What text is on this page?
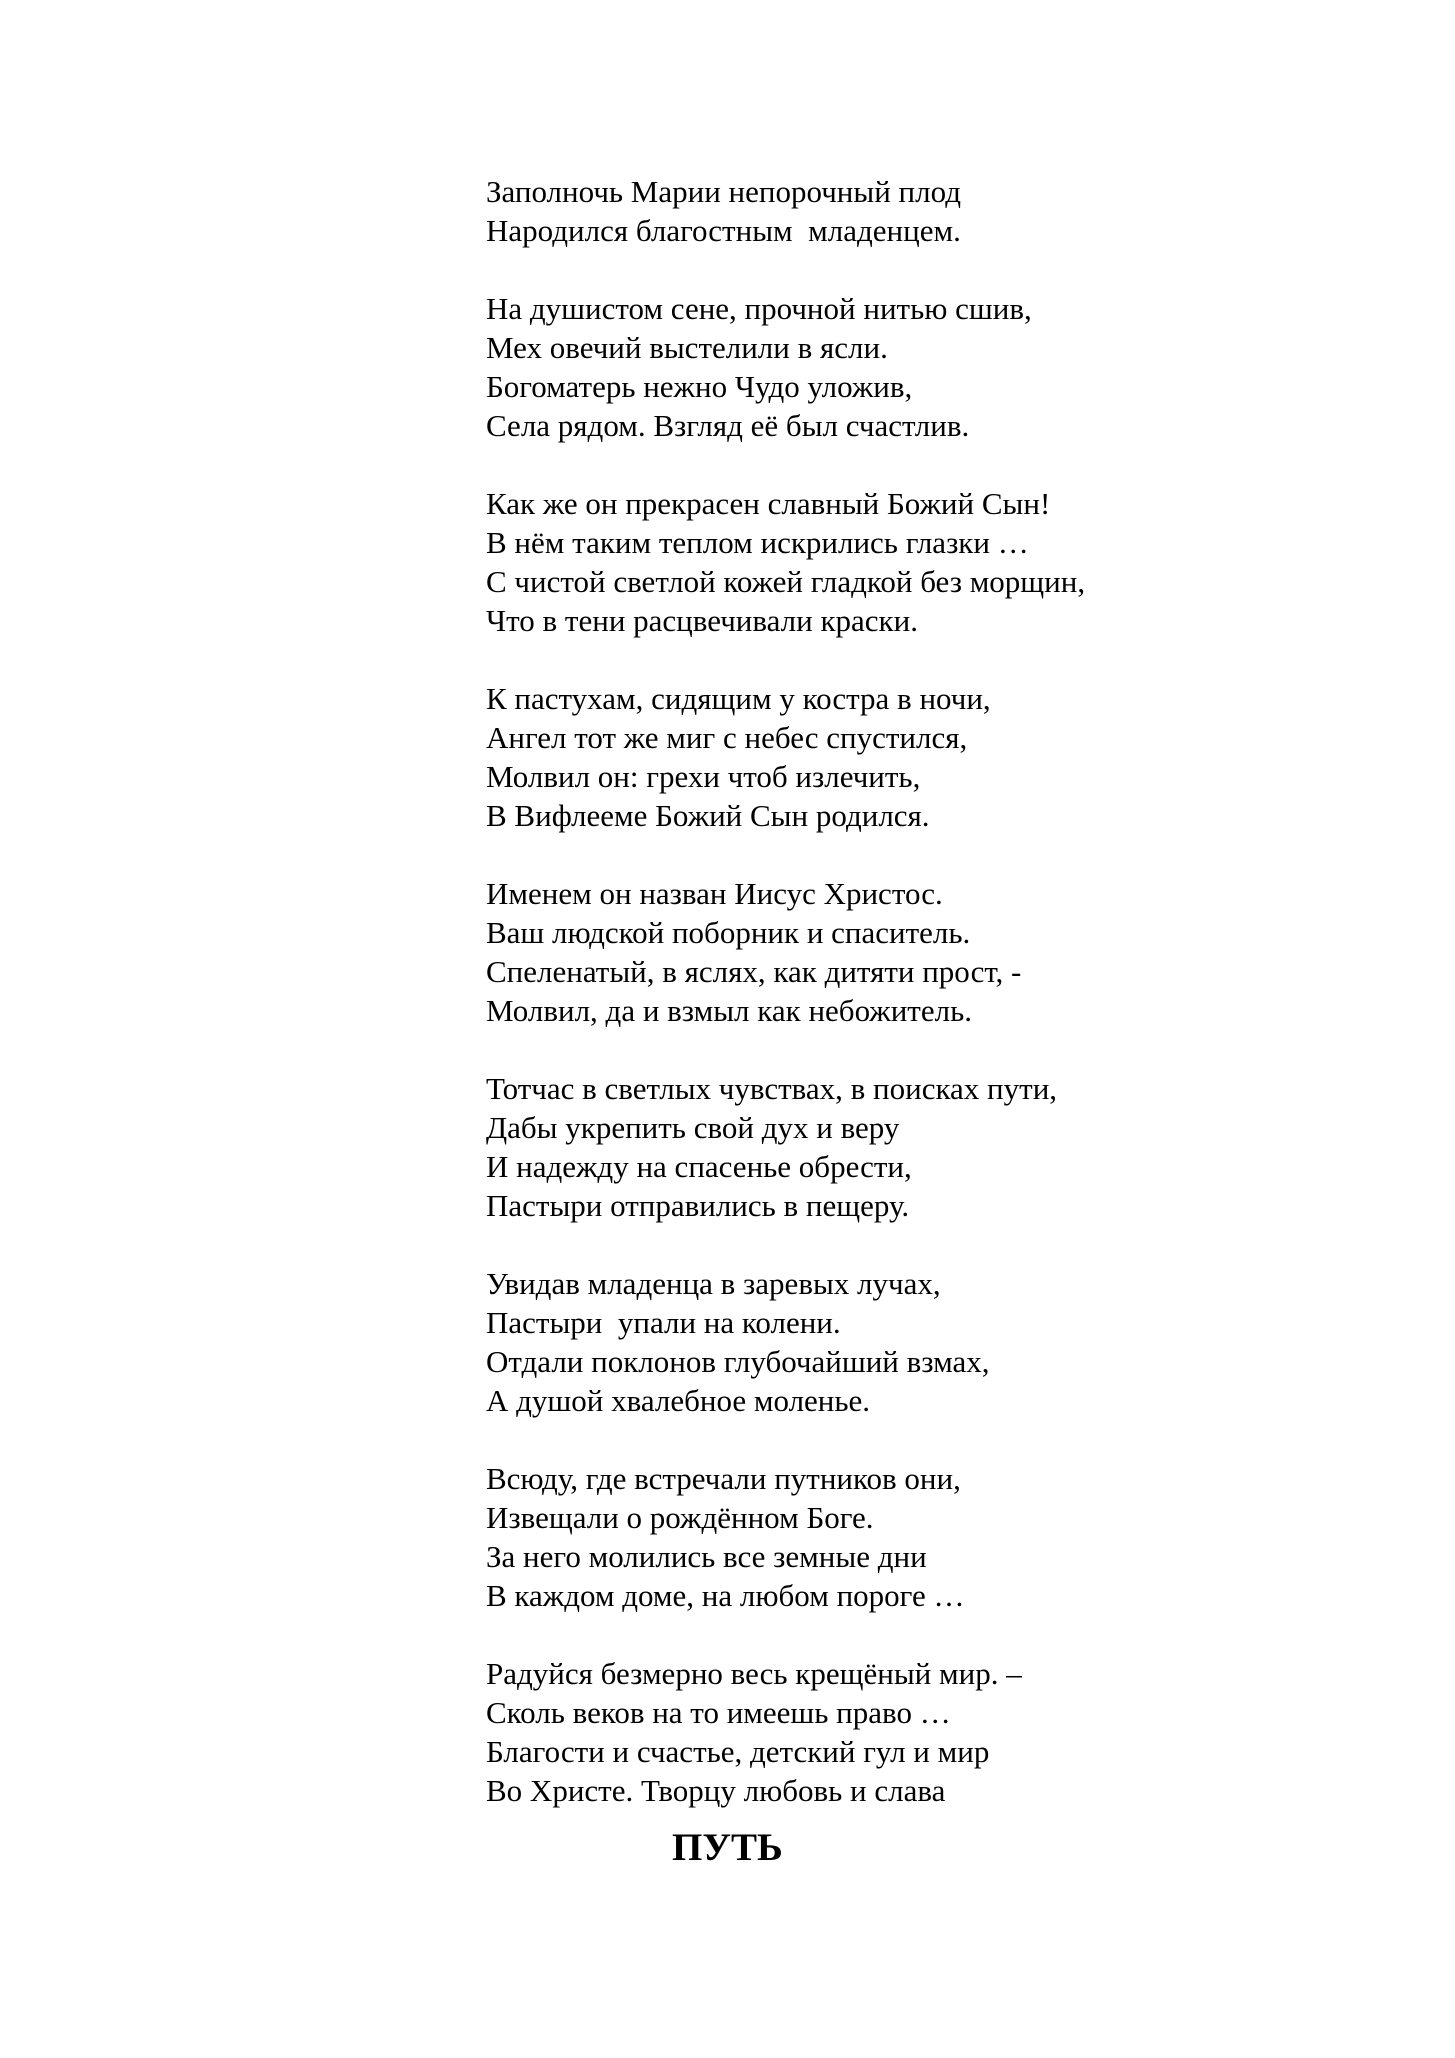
Заполночь Марии непорочный плод
Народился благостным  младенцем.
На душистом сене, прочной нитью сшив,
Мех овечий выстелили в ясли.
Богоматерь нежно Чудо уложив,
Села рядом. Взгляд её был счастлив.
Как же он прекрасен славный Божий Сын!
В нём таким теплом искрились глазки …
С чистой светлой кожей гладкой без морщин,
Что в тени расцвечивали краски.
К пастухам, сидящим у костра в ночи,
Ангел тот же миг с небес спустился,
Молвил он: грехи чтоб излечить,
В Вифлееме Божий Сын родился.
Именем он назван Иисус Христос.
Ваш людской поборник и спаситель.
Спеленатый, в яслях, как дитяти прост, -
Молвил, да и взмыл как небожитель.
Тотчас в светлых чувствах, в поисках пути,
Дабы укрепить свой дух и веру
И надежду на спасенье обрести,
Пастыри отправились в пещеру.
Увидав младенца в заревых лучах,
Пастыри  упали на колени.
Отдали поклонов глубочайший взмах,
А душой хвалебное моленье.
Всюду, где встречали путников они,
Извещали о рождённом Боге.
За него молились все земные дни
В каждом доме, на любом пороге …
Радуйся безмерно весь крещёный мир. –
Сколь веков на то имеешь право …
Благости и счастье, детский гул и мир
Во Христе. Творцу любовь и слава
ПУТЬ
